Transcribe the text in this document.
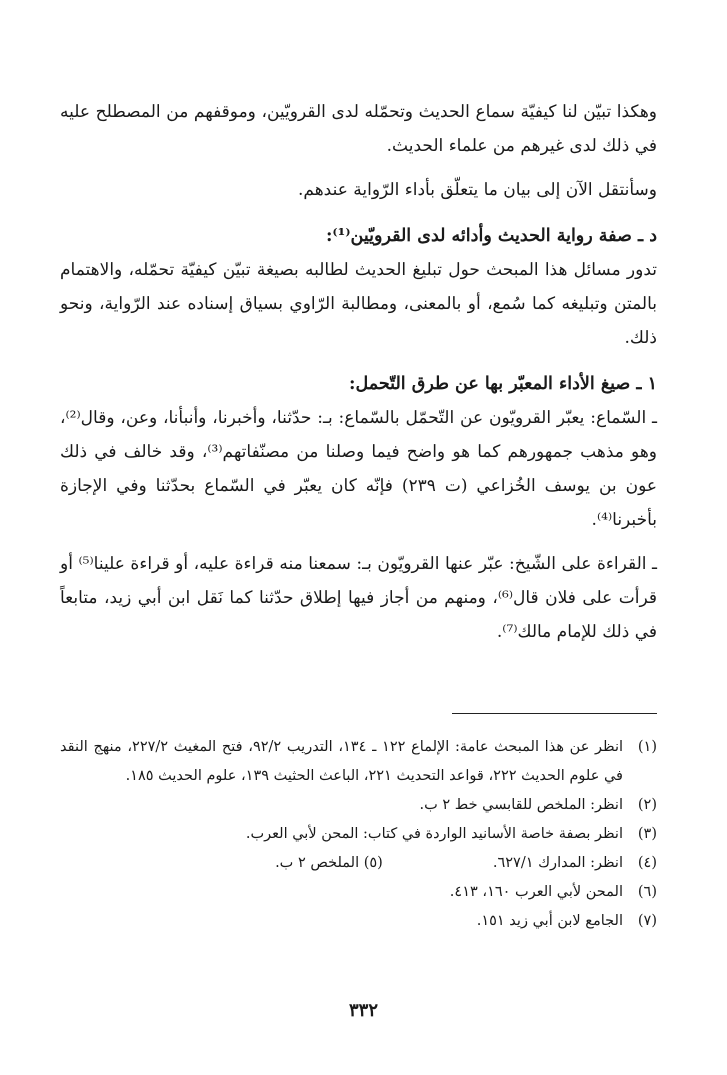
وهكذا تبيّن لنا كيفيّة سماع الحديث وتحمّله لدى القرويّين، وموقفهم من المصطلح عليه في ذلك لدى غيرهم من علماء الحديث.

وسأنتقل الآن إلى بيان ما يتعلّق بأداء الرّواية عندهم.

د ـ صفة رواية الحديث وأدائه لدى القرويّين⁽¹⁾:

تدور مسائل هذا المبحث حول تبليغ الحديث لطالبه بصيغة تبيّن كيفيّة تحمّله، والاهتمام بالمتن وتبليغه كما سُمع، أو بالمعنى، ومطالبة الرّاوي بسياق إسناده عند الرّواية، ونحو ذلك.

١ ـ صيغ الأداء المعبّر بها عن طرق التّحمل:

ـ السّماع: يعبّر القرويّون عن التّحمّل بالسّماع: بـ: حدّثنا، وأخبرنا، وأنبأنا، وعن، وقال⁽²⁾، وهو مذهب جمهورهم كما هو واضح فيما وصلنا من مصنّفاتهم⁽³⁾، وقد خالف في ذلك عون بن يوسف الخُزاعي (ت ٢٣٩) فإنّه كان يعبّر في السّماع بحدّثنا وفي الإجازة بأخبرنا⁽⁴⁾.

ـ القراءة على الشّيخ: عبّر عنها القرويّون بـ: سمعنا منه قراءة عليه، أو قراءة علينا⁽⁵⁾ أو قرأت على فلان قال⁽⁶⁾، ومنهم من أجاز فيها إطلاق حدّثنا كما نَقل ابن أبي زيد، متابعاً في ذلك للإمام مالك⁽⁷⁾.

(١)
انظر عن هذا المبحث عامة: الإلماع ١٢٢ ـ ١٣٤، التدريب ٩٢/٢، فتح المغيث ٢٢٧/٢، منهج النقد في علوم الحديث ٢٢٢، قواعد التحديث ٢٢١، الباعث الحثيث ١٣٩، علوم الحديث ١٨٥.
(٢)
انظر: الملخص للقابسي خط ٢ ب.
(٣)
انظر بصفة خاصة الأسانيد الواردة في كتاب: المحن لأبي العرب.
(٤)
انظر: المدارك ٦٢٧/١.
(٥) الملخص ٢ ب.
(٦)
المحن لأبي العرب ١٦٠، ٤١٣.
(٧)
الجامع لابن أبي زيد ١٥١.
٣٣٢
